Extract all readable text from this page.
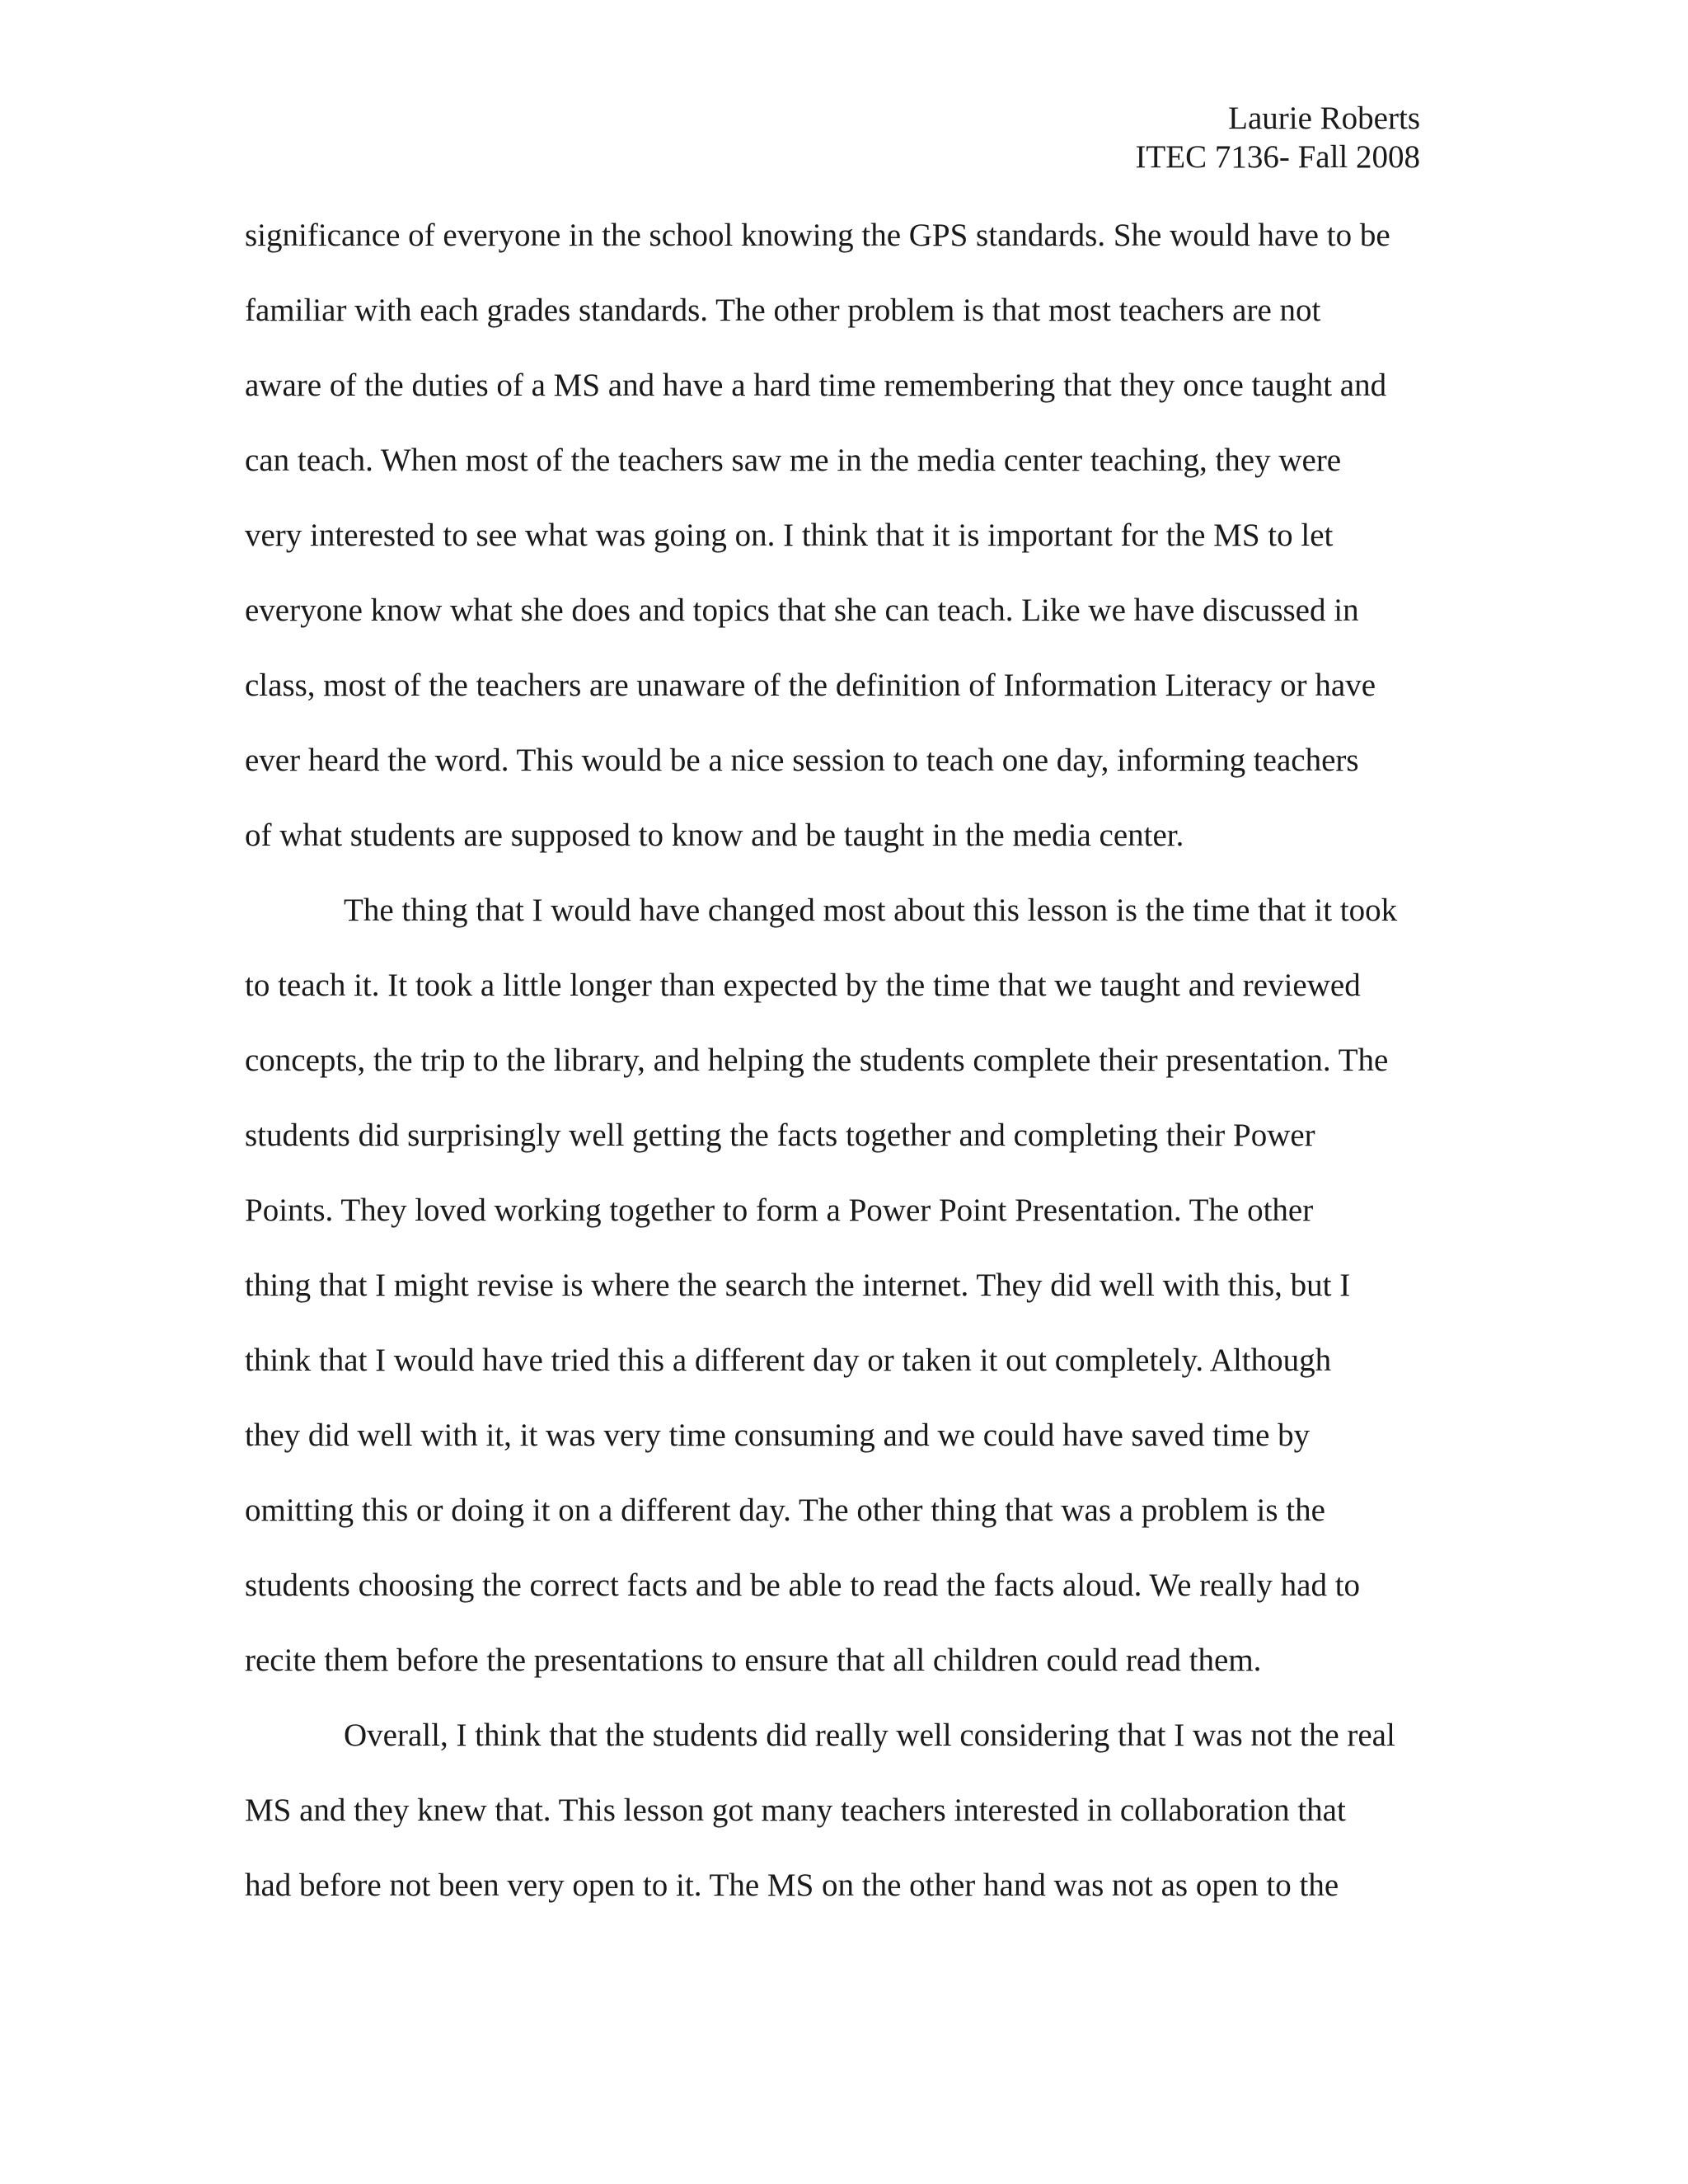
Laurie Roberts
ITEC 7136- Fall 2008
significance of everyone in the school knowing the GPS standards. She would have to be
familiar with each grades standards. The other problem is that most teachers are not
aware of the duties of a MS and have a hard time remembering that they once taught and
can teach. When most of the teachers saw me in the media center teaching, they were
very interested to see what was going on. I think that it is important for the MS to let
everyone know what she does and topics that she can teach. Like we have discussed in
class, most of the teachers are unaware of the definition of Information Literacy or have
ever heard the word. This would be a nice session to teach one day, informing teachers
of what students are supposed to know and be taught in the media center.
The thing that I would have changed most about this lesson is the time that it took
to teach it. It took a little longer than expected by the time that we taught and reviewed
concepts, the trip to the library, and helping the students complete their presentation. The
students did surprisingly well getting the facts together and completing their Power
Points. They loved working together to form a Power Point Presentation. The other
thing that I might revise is where the search the internet. They did well with this, but I
think that I would have tried this a different day or taken it out completely. Although
they did well with it, it was very time consuming and we could have saved time by
omitting this or doing it on a different day. The other thing that was a problem is the
students choosing the correct facts and be able to read the facts aloud. We really had to
recite them before the presentations to ensure that all children could read them.
Overall, I think that the students did really well considering that I was not the real
MS and they knew that. This lesson got many teachers interested in collaboration that
had before not been very open to it. The MS on the other hand was not as open to the
